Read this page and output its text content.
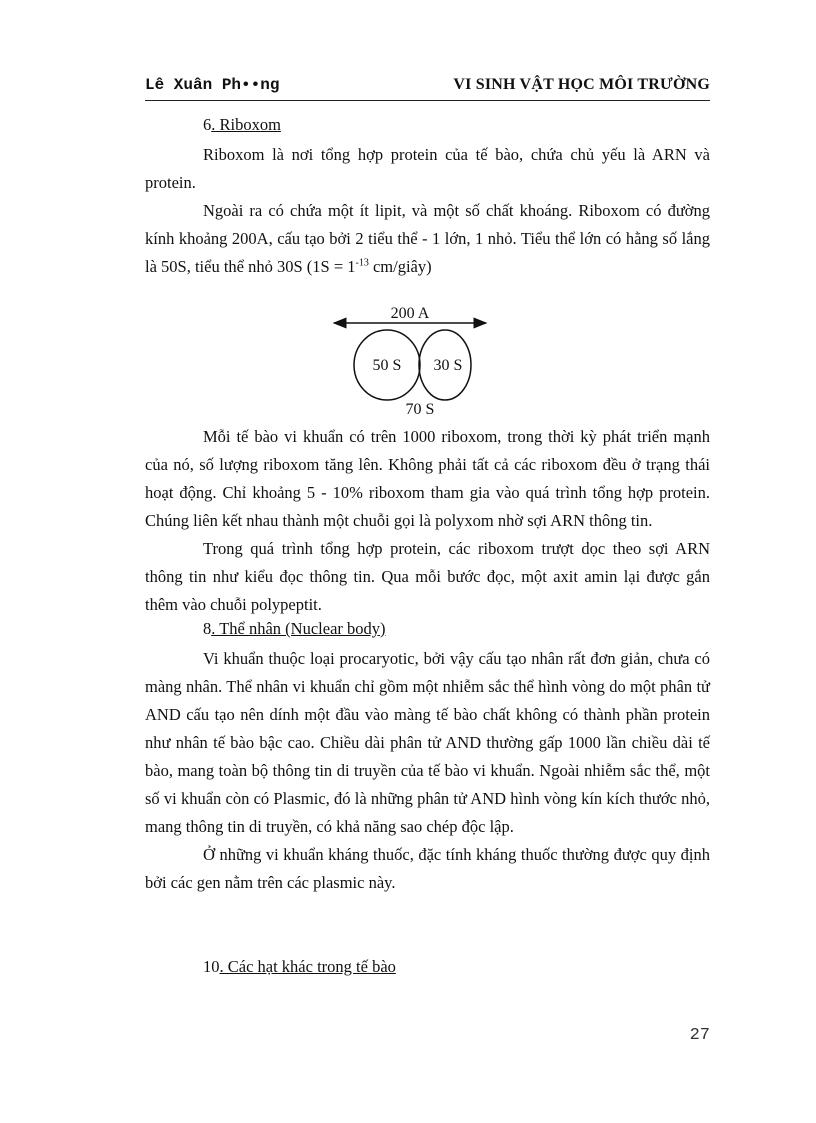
Lê Xuân Ph••ng	VI SINH VẬT HỌC MÔI TRƯỜNG
6. Riboxom

Riboxom là nơi tổng hợp protein của tế bào, chứa chủ yếu là ARN và protein.

Ngoài ra có chứa một ít lipit, và một số chất khoáng. Riboxom có đường kính khoảng 200A, cấu tạo bởi 2 tiểu thể - 1 lớn, 1 nhỏ. Tiểu thể lớn có hằng số lắng là 50S, tiểu thể nhỏ 30S ($1S = 1^{-13}$ cm/giây)

200 A
50 S 30 S
70 S

Mỗi tế bào vi khuẩn có trên 1000 riboxom, trong thời kỳ phát triển mạnh của nó, số lượng riboxom tăng lên. Không phải tất cả các riboxom đều ở trạng thái hoạt động. Chỉ khoảng 5 - 10% riboxom tham gia vào quá trình tổng hợp protein. Chúng liên kết nhau thành một chuỗi gọi là polyxom nhờ sợi ARN thông tin.

Trong quá trình tổng hợp protein, các riboxom trượt dọc theo sợi ARN thông tin như kiểu đọc thông tin. Qua mỗi bước đọc, một axit amin lại được gắn thêm vào chuỗi polypeptit.

8. Thể nhân (Nuclear body)

Vi khuẩn thuộc loại procaryotic, bởi vậy cấu tạo nhân rất đơn giản, chưa có màng nhân. Thể nhân vi khuẩn chỉ gồm một nhiễm sắc thể hình vòng do một phân tử AND cấu tạo nên dính một đầu vào màng tế bào chất không có thành phần protein như nhân tế bào bậc cao. Chiều dài phân tử AND thường gấp 1000 lần chiều dài tế bào, mang toàn bộ thông tin di truyền của tế bào vi khuẩn. Ngoài nhiễm sắc thể, một số vi khuẩn còn có Plasmic, đó là những phân tử AND hình vòng kín kích thước nhỏ, mang thông tin di truyền, có khả năng sao chép độc lập.

Ở những vi khuẩn kháng thuốc, đặc tính kháng thuốc thường được quy định bởi các gen nằm trên các plasmic này.

10. Các hạt khác trong tế bào
27
